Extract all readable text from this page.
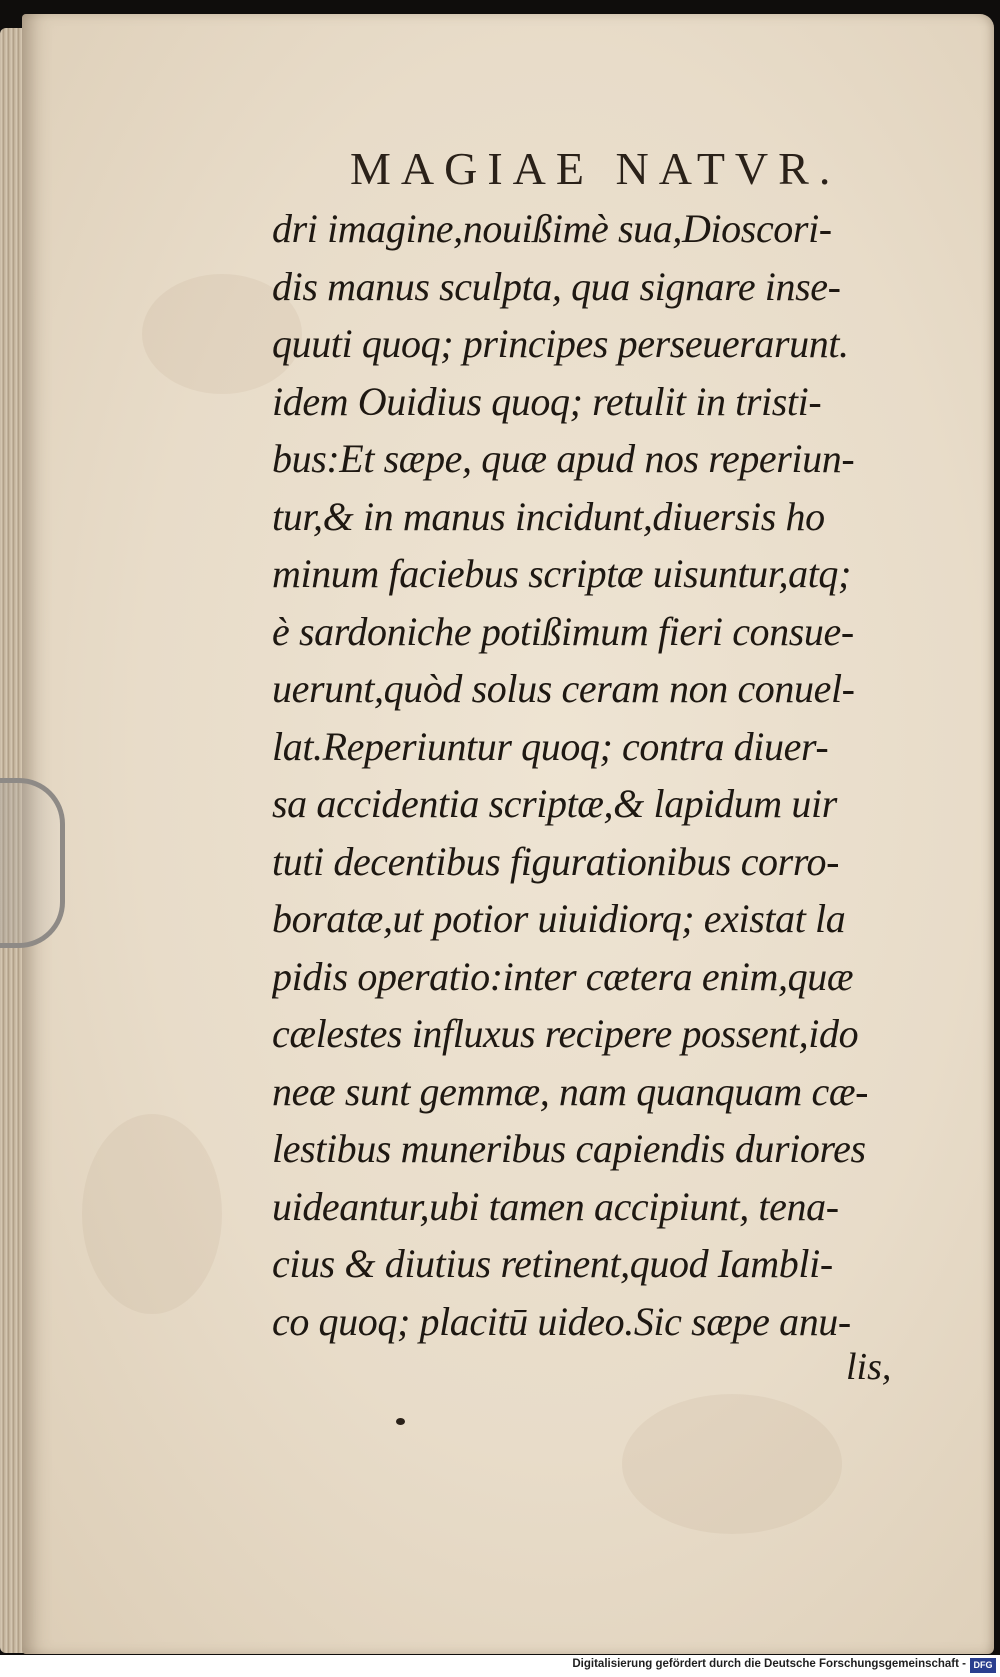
MAGIAE NATVR.
dri imagine,nouißimè sua,Dioscori-
dis manus sculpta, qua signare inse-
quuti quoq; principes perseuerarunt.
idem Ouidius quoq; retulit in tristi-
bus:Et sæpe, quæ apud nos reperiun-
tur,& in manus incidunt,diuersis ho
minum faciebus scriptæ uisuntur,atq;
è sardoniche potißimum fieri consue-
uerunt,quòd solus ceram non conuel-
lat.Reperiuntur quoq; contra diuer-
sa accidentia scriptæ,& lapidum uir
tuti decentibus figurationibus corro-
boratæ,ut potior uiuidiorq; existat la
pidis operatio:inter cætera enim,quæ
cælestes influxus recipere possent,ido
neæ sunt gemmæ, nam quanquam cæ-
lestibus muneribus capiendis duriores
uideantur,ubi tamen accipiunt, tena-
cius & diutius retinent,quod Iambli-
co quoq; placitū uideo.Sic sæpe anu-
lis,
Digitalisierung gefördert durch die Deutsche Forschungsgemeinschaft - DFG
